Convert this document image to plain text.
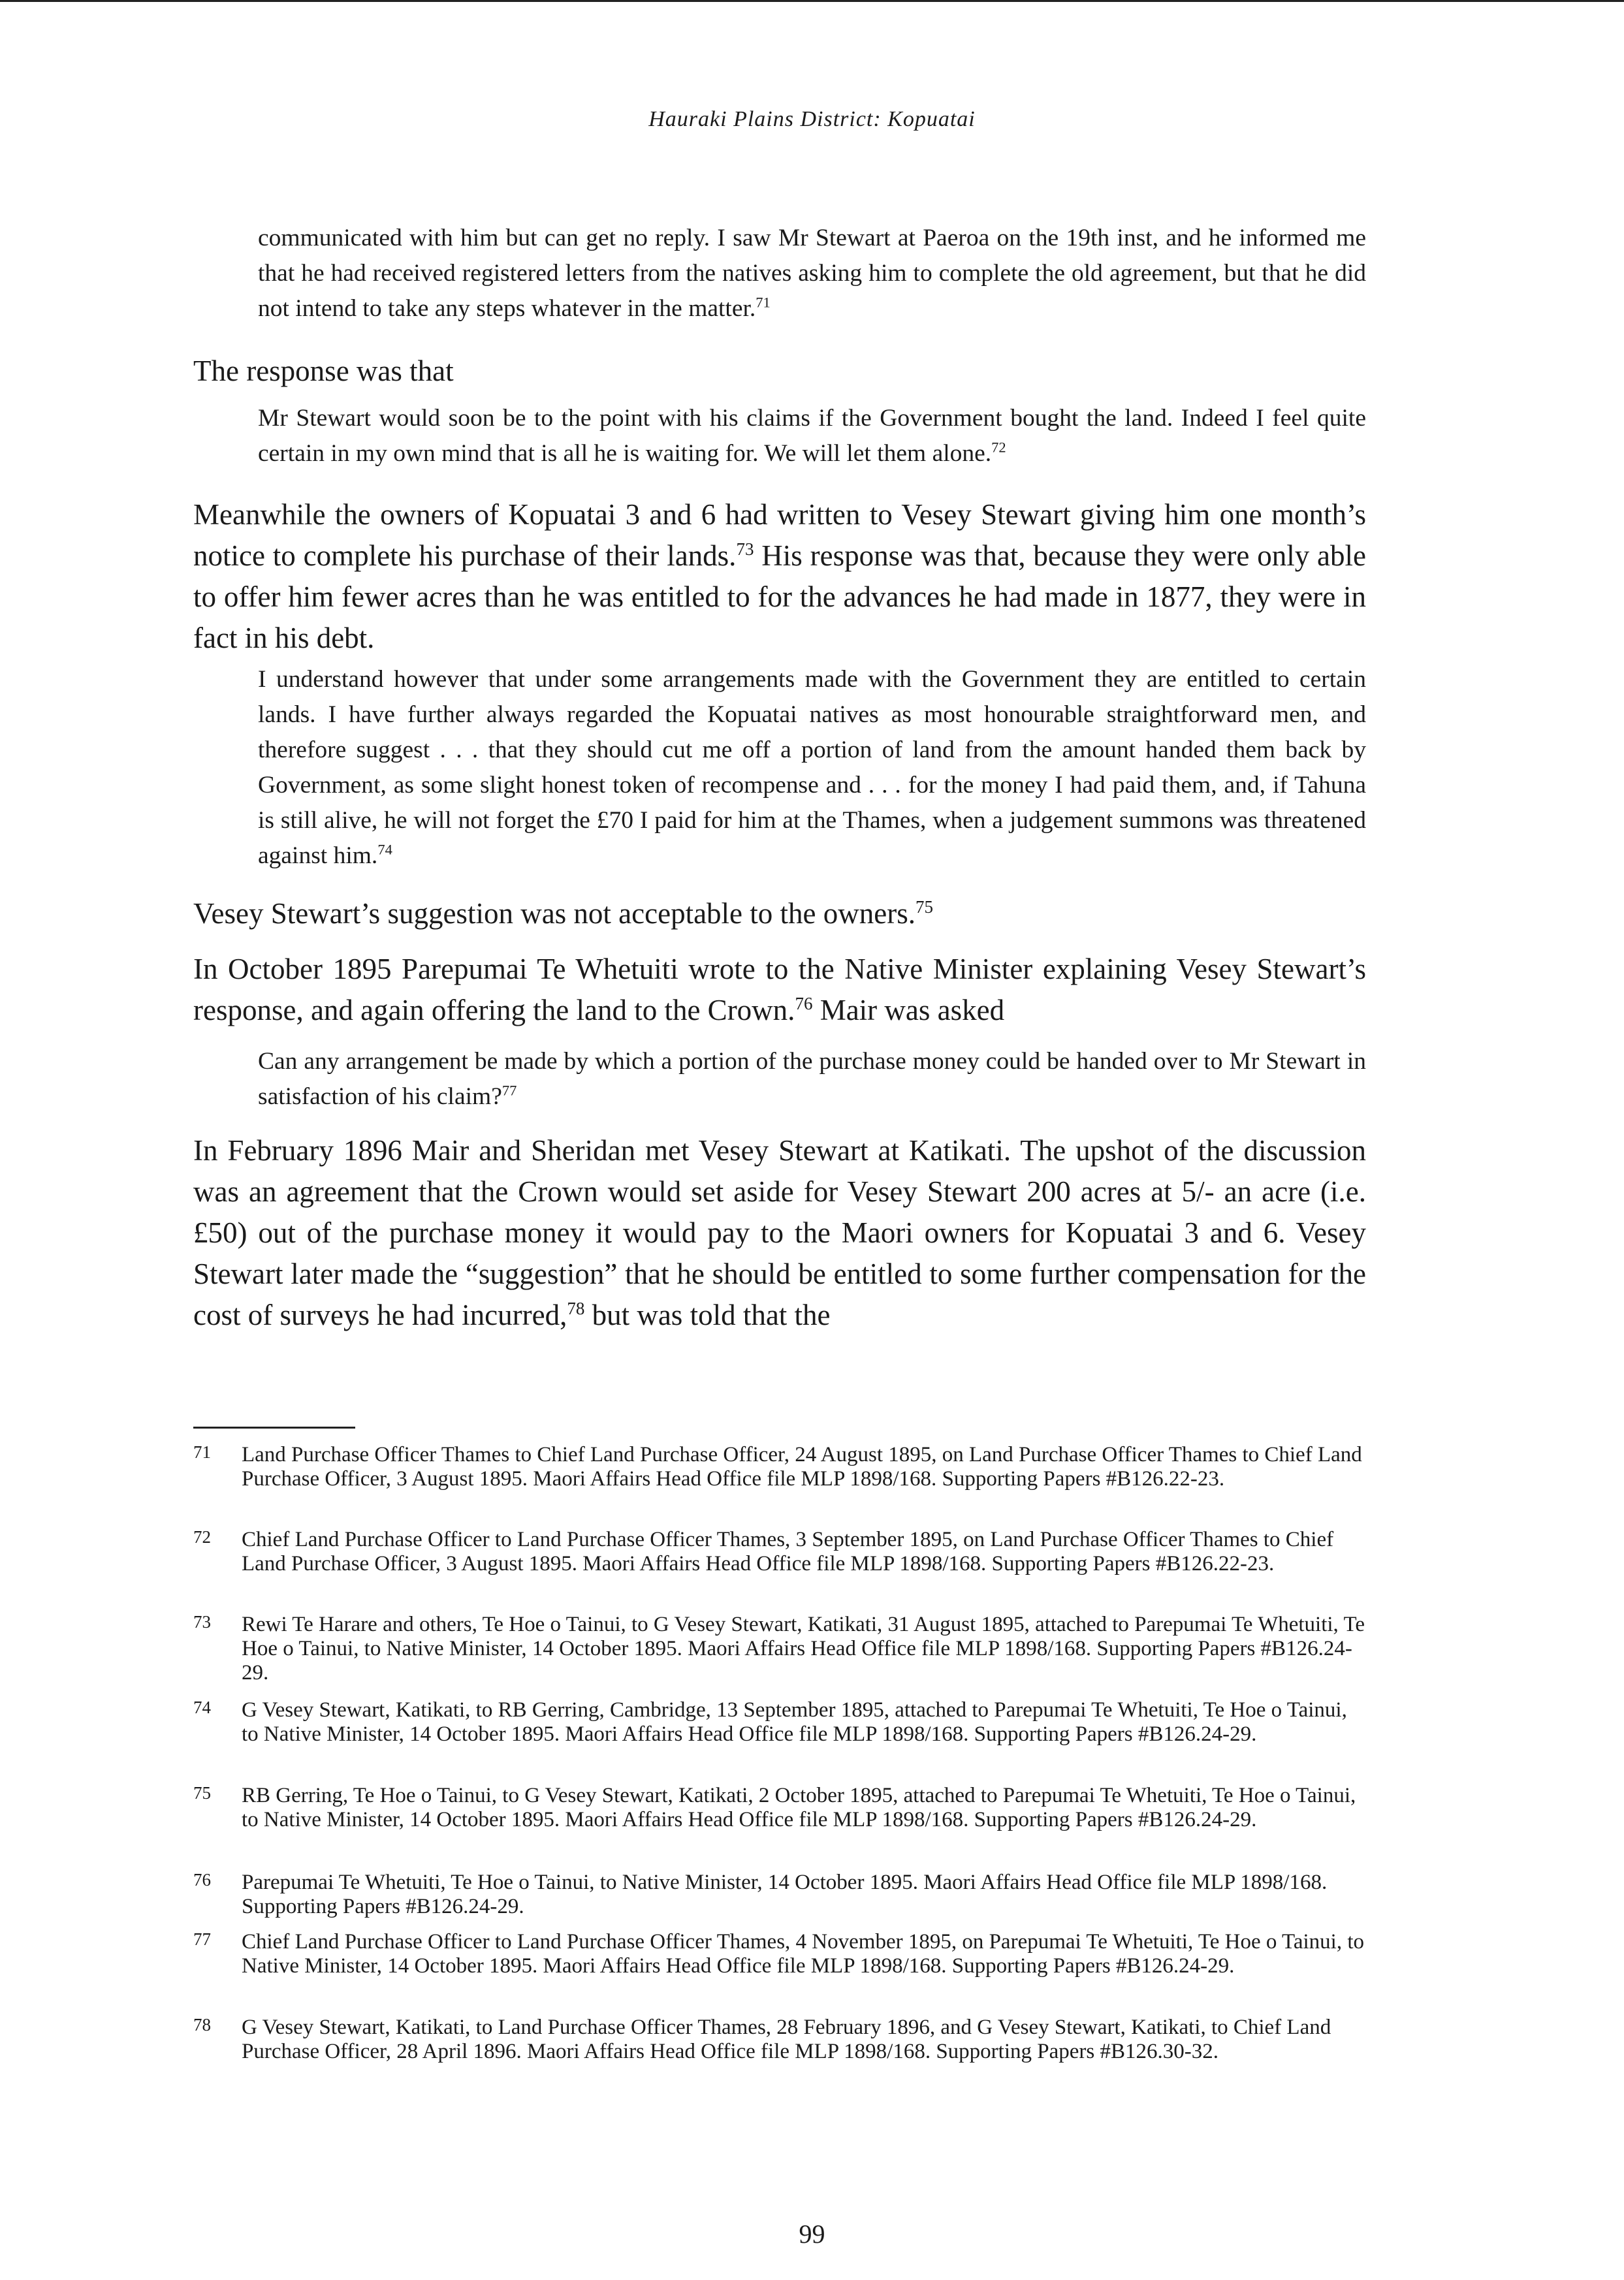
Hauraki Plains District: Kopuatai

communicated with him but can get no reply. I saw Mr Stewart at Paeroa on the 19th inst, and he informed me that he had received registered letters from the natives asking him to complete the old agreement, but that he did not intend to take any steps whatever in the matter.$^{71}$

The response was that

Mr Stewart would soon be to the point with his claims if the Government bought the land. Indeed I feel quite certain in my own mind that is all he is waiting for. We will let them alone.$^{72}$

Meanwhile the owners of Kopuatai 3 and 6 had written to Vesey Stewart giving him one month’s notice to complete his purchase of their lands.$^{73}$ His response was that, because they were only able to offer him fewer acres than he was entitled to for the advances he had made in 1877, they were in fact in his debt.

I understand however that under some arrangements made with the Government they are entitled to certain lands. I have further always regarded the Kopuatai natives as most honourable straightforward men, and therefore suggest . . . that they should cut me off a portion of land from the amount handed them back by Government, as some slight honest token of recompense and . . . for the money I had paid them, and, if Tahuna is still alive, he will not forget the £70 I paid for him at the Thames, when a judgement summons was threatened against him.$^{74}$

Vesey Stewart’s suggestion was not acceptable to the owners.$^{75}$

In October 1895 Parepumai Te Whetuiti wrote to the Native Minister explaining Vesey Stewart’s response, and again offering the land to the Crown.$^{76}$ Mair was asked

Can any arrangement be made by which a portion of the purchase money could be handed over to Mr Stewart in satisfaction of his claim?$^{77}$

In February 1896 Mair and Sheridan met Vesey Stewart at Katikati. The upshot of the discussion was an agreement that the Crown would set aside for Vesey Stewart 200 acres at 5/- an acre (i.e. £50) out of the purchase money it would pay to the Maori owners for Kopuatai 3 and 6. Vesey Stewart later made the “suggestion” that he should be entitled to some further compensation for the cost of surveys he had incurred,$^{78}$ but was told that the

71	Land Purchase Officer Thames to Chief Land Purchase Officer, 24 August 1895, on Land Purchase Officer Thames to Chief Land Purchase Officer, 3 August 1895. Maori Affairs Head Office file MLP 1898/168. Supporting Papers #B126.22-23.
72	Chief Land Purchase Officer to Land Purchase Officer Thames, 3 September 1895, on Land Purchase Officer Thames to Chief Land Purchase Officer, 3 August 1895. Maori Affairs Head Office file MLP 1898/168. Supporting Papers #B126.22-23.
73	Rewi Te Harare and others, Te Hoe o Tainui, to G Vesey Stewart, Katikati, 31 August 1895, attached to Parepumai Te Whetuiti, Te Hoe o Tainui, to Native Minister, 14 October 1895. Maori Affairs Head Office file MLP 1898/168. Supporting Papers #B126.24-29.
74	G Vesey Stewart, Katikati, to RB Gerring, Cambridge, 13 September 1895, attached to Parepumai Te Whetuiti, Te Hoe o Tainui, to Native Minister, 14 October 1895. Maori Affairs Head Office file MLP 1898/168. Supporting Papers #B126.24-29.
75	RB Gerring, Te Hoe o Tainui, to G Vesey Stewart, Katikati, 2 October 1895, attached to Parepumai Te Whetuiti, Te Hoe o Tainui, to Native Minister, 14 October 1895. Maori Affairs Head Office file MLP 1898/168. Supporting Papers #B126.24-29.
76	Parepumai Te Whetuiti, Te Hoe o Tainui, to Native Minister, 14 October 1895. Maori Affairs Head Office file MLP 1898/168. Supporting Papers #B126.24-29.
77	Chief Land Purchase Officer to Land Purchase Officer Thames, 4 November 1895, on Parepumai Te Whetuiti, Te Hoe o Tainui, to Native Minister, 14 October 1895. Maori Affairs Head Office file MLP 1898/168. Supporting Papers #B126.24-29.
78	G Vesey Stewart, Katikati, to Land Purchase Officer Thames, 28 February 1896, and G Vesey Stewart, Katikati, to Chief Land Purchase Officer, 28 April 1896. Maori Affairs Head Office file MLP 1898/168. Supporting Papers #B126.30-32.
99
